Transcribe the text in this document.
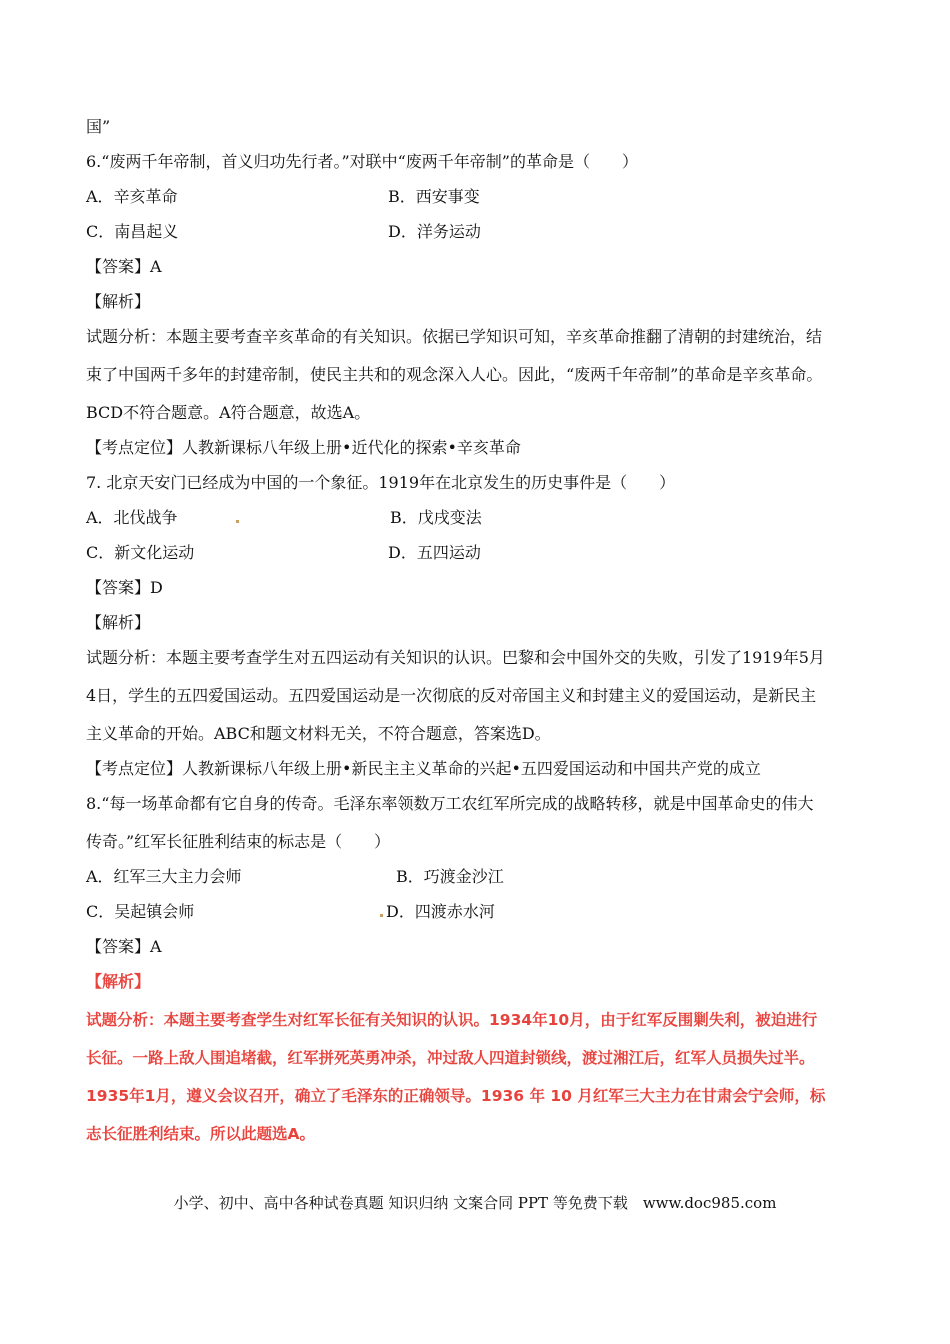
国”
6.“废两千年帝制，首义归功先行者。”对联中“废两千年帝制”的革命是（　　）
A．辛亥革命	B．西安事变
C．南昌起义	D．洋务运动
【答案】A
【解析】
试题分析：本题主要考查辛亥革命的有关知识。依据已学知识可知，辛亥革命推翻了清朝的封建统治，结
束了中国两千多年的封建帝制，使民主共和的观念深入人心。因此，“废两千年帝制”的革命是辛亥革命。
BCD不符合题意。A符合题意，故选A。
【考点定位】人教新课标八年级上册•近代化的探索•辛亥革命
7. 北京天安门已经成为中国的一个象征。1919年在北京发生的历史事件是（　　）
A．北伐战争	B．戊戌变法
C．新文化运动	D．五四运动
【答案】D
【解析】
试题分析：本题主要考查学生对五四运动有关知识的认识。巴黎和会中国外交的失败，引发了1919年5月
4日，学生的五四爱国运动。五四爱国运动是一次彻底的反对帝国主义和封建主义的爱国运动，是新民主
主义革命的开始。ABC和题文材料无关，不符合题意，答案选D。
【考点定位】人教新课标八年级上册•新民主主义革命的兴起•五四爱国运动和中国共产党的成立
8.“每一场革命都有它自身的传奇。毛泽东率领数万工农红军所完成的战略转移，就是中国革命史的伟大
传奇。”红军长征胜利结束的标志是（　　）
A．红军三大主力会师	B．巧渡金沙江
C．吴起镇会师	D．四渡赤水河
【答案】A
【解析】
试题分析：本题主要考查学生对红军长征有关知识的认识。1934年10月，由于红军反围剿失利，被迫进行
长征。一路上敌人围追堵截，红军拼死英勇冲杀，冲过敌人四道封锁线，渡过湘江后，红军人员损失过半。
1935年1月，遵义会议召开，确立了毛泽东的正确领导。1936 年 10 月红军三大主力在甘肃会宁会师，标
志长征胜利结束。所以此题选A。
小学、初中、高中各种试卷真题 知识归纳 文案合同 PPT 等免费下载　www.doc985.com
